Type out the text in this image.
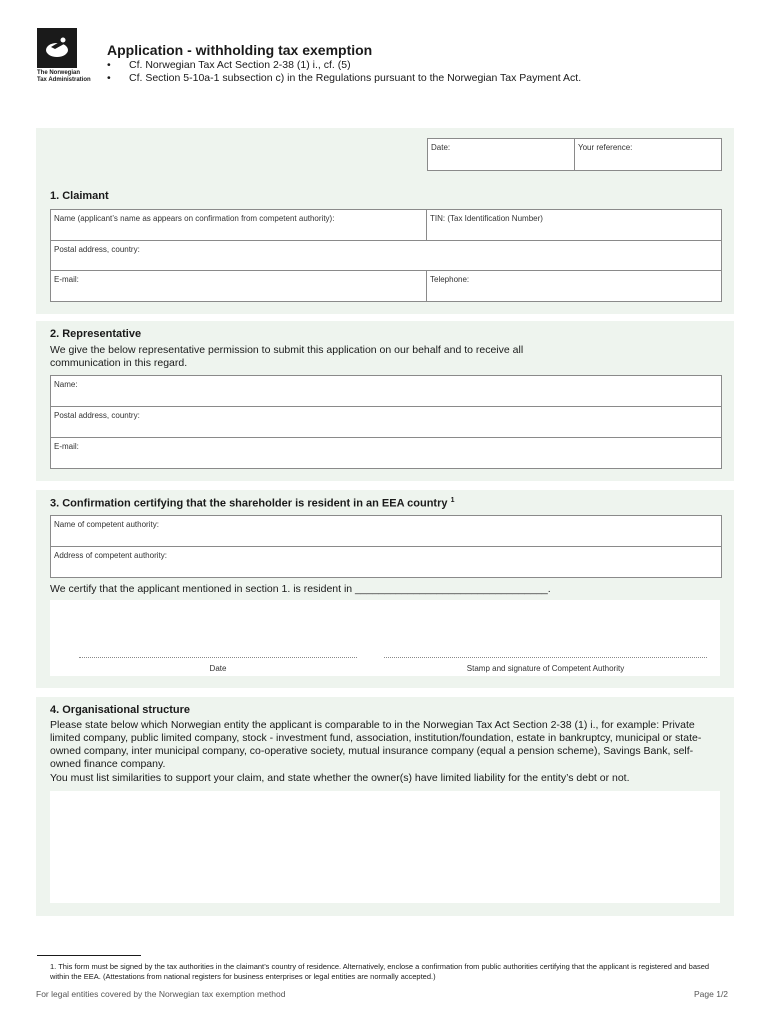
The Norwegian
Tax Administration
Application - withholding tax exemption
•	Cf. Norwegian Tax Act Section 2-38 (1) i., cf. (5)
•	Cf. Section 5-10a-1 subsection c) in the Regulations pursuant to the Norwegian Tax Payment Act.
Date:	Your reference:
1. Claimant
Name (applicant’s name as appears on confirmation from competent authority):	TIN: (Tax Identification Number)
Postal address, country:
E-mail:	Telephone:
2. Representative
We give the below representative permission to submit this application on our behalf and to receive all communication in this regard.
Name:
Postal address, country:
E-mail:
3. Confirmation certifying that the shareholder is resident in an EEA country $^1$
Name of competent authority:
Address of competent authority:
We certify that the applicant mentioned in section 1. is resident in _________________________________.
Date	Stamp and signature of Competent Authority
4. Organisational structure
Please state below which Norwegian entity the applicant is comparable to in the Norwegian Tax Act Section 2-38 (1) i., for example: Private limited company, public limited company, stock - investment fund, association, institution/foundation, estate in bankruptcy, municipal or state-owned company, inter municipal company, co-operative society, mutual insurance company (equal a pension scheme), Savings Bank, self-owned finance company.
You must list similarities to support your claim, and state whether the owner(s) have limited liability for the entity’s debt or not.
1. This form must be signed by the tax authorities in the claimant’s country of residence. Alternatively, enclose a confirmation from public authorities certifying that the applicant is registered and based within the EEA. (Attestations from national registers for business enterprises or legal entities are normally accepted.)
For legal entities covered by the Norwegian tax exemption method	Page 1/2
